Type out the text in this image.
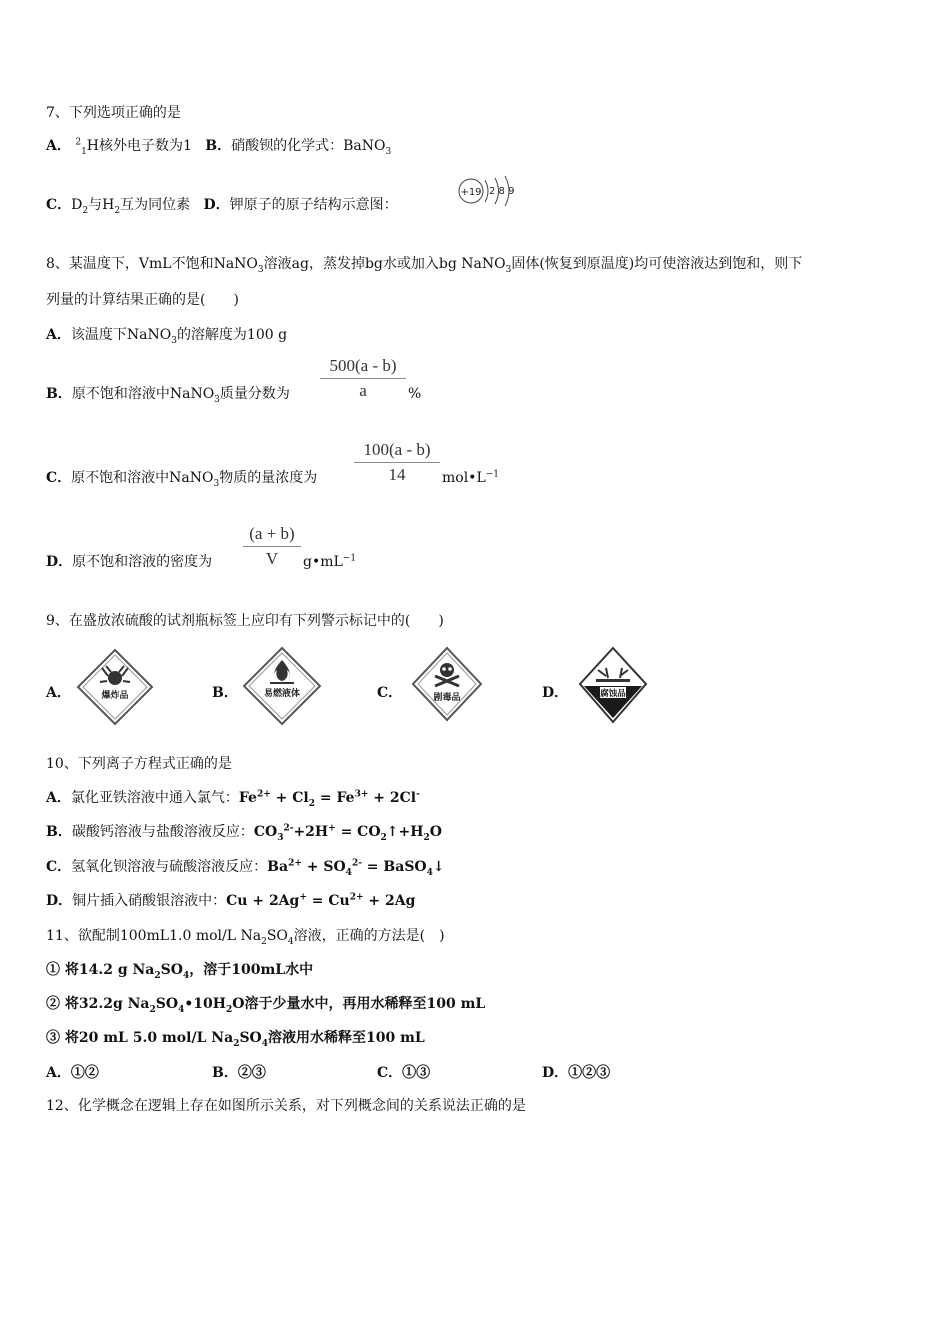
7、下列选项正确的是
A． $^2_1$H核外电子数为1 B．硝酸钡的化学式：BaNO$_3$
C．$D_2$与$H_2$互为同位素 D．钾原子的原子结构示意图：
+19 2 8 9
8、某温度下，VmL不饱和NaNO$_3$溶液ag，蒸发掉bg水或加入bg NaNO$_3$固体(恢复到原温度)均可使溶液达到饱和，则下
列量的计算结果正确的是(　　)
A．该温度下NaNO$_3$的溶解度为100 g
B．原不饱和溶液中NaNO$_3$质量分数为
500(a - b)
a	%
C．原不饱和溶液中NaNO$_3$物质的量浓度为
100(a - b)
14	$mol•L^{-1}$
D．原不饱和溶液的密度为
(a + b)
V	$g•mL^{-1}$
9、在盛放浓硫酸的试剂瓶标签上应印有下列警示标记中的(　　)
A．	爆炸品	B．	易燃液体	C．	剧毒品	D．	腐蚀品
10、下列离子方程式正确的是
A．氯化亚铁溶液中通入氯气：$Fe^{2+} + Cl_2 = Fe^{3+} + 2Cl^-$
B．碳酸钙溶液与盐酸溶液反应：$CO_3^{2-}+2H^+$ = $CO_2↑+H_2O$
C．氢氧化钡溶液与硫酸溶液反应：$Ba^{2+} + SO_4^{2-}$ = BaSO$_4$↓
D．铜片插入硝酸银溶液中：$Cu + 2Ag^+ = Cu^{2+} + 2Ag$
11、欲配制100mL1.0 mol/L $Na_2SO_4$溶液，正确的方法是(　)
① 将14.2 g $Na_2SO_4$，溶于100mL水中
② 将32.2g $Na_2SO_4•10H_2O$溶于少量水中，再用水稀释至100 mL
③ 将20 mL 5.0 mol/L $Na_2SO_4$溶液用水稀释至100 mL
A．①②	B．②③	C．①③	D．①②③
12、化学概念在逻辑上存在如图所示关系，对下列概念间的关系说法正确的是
